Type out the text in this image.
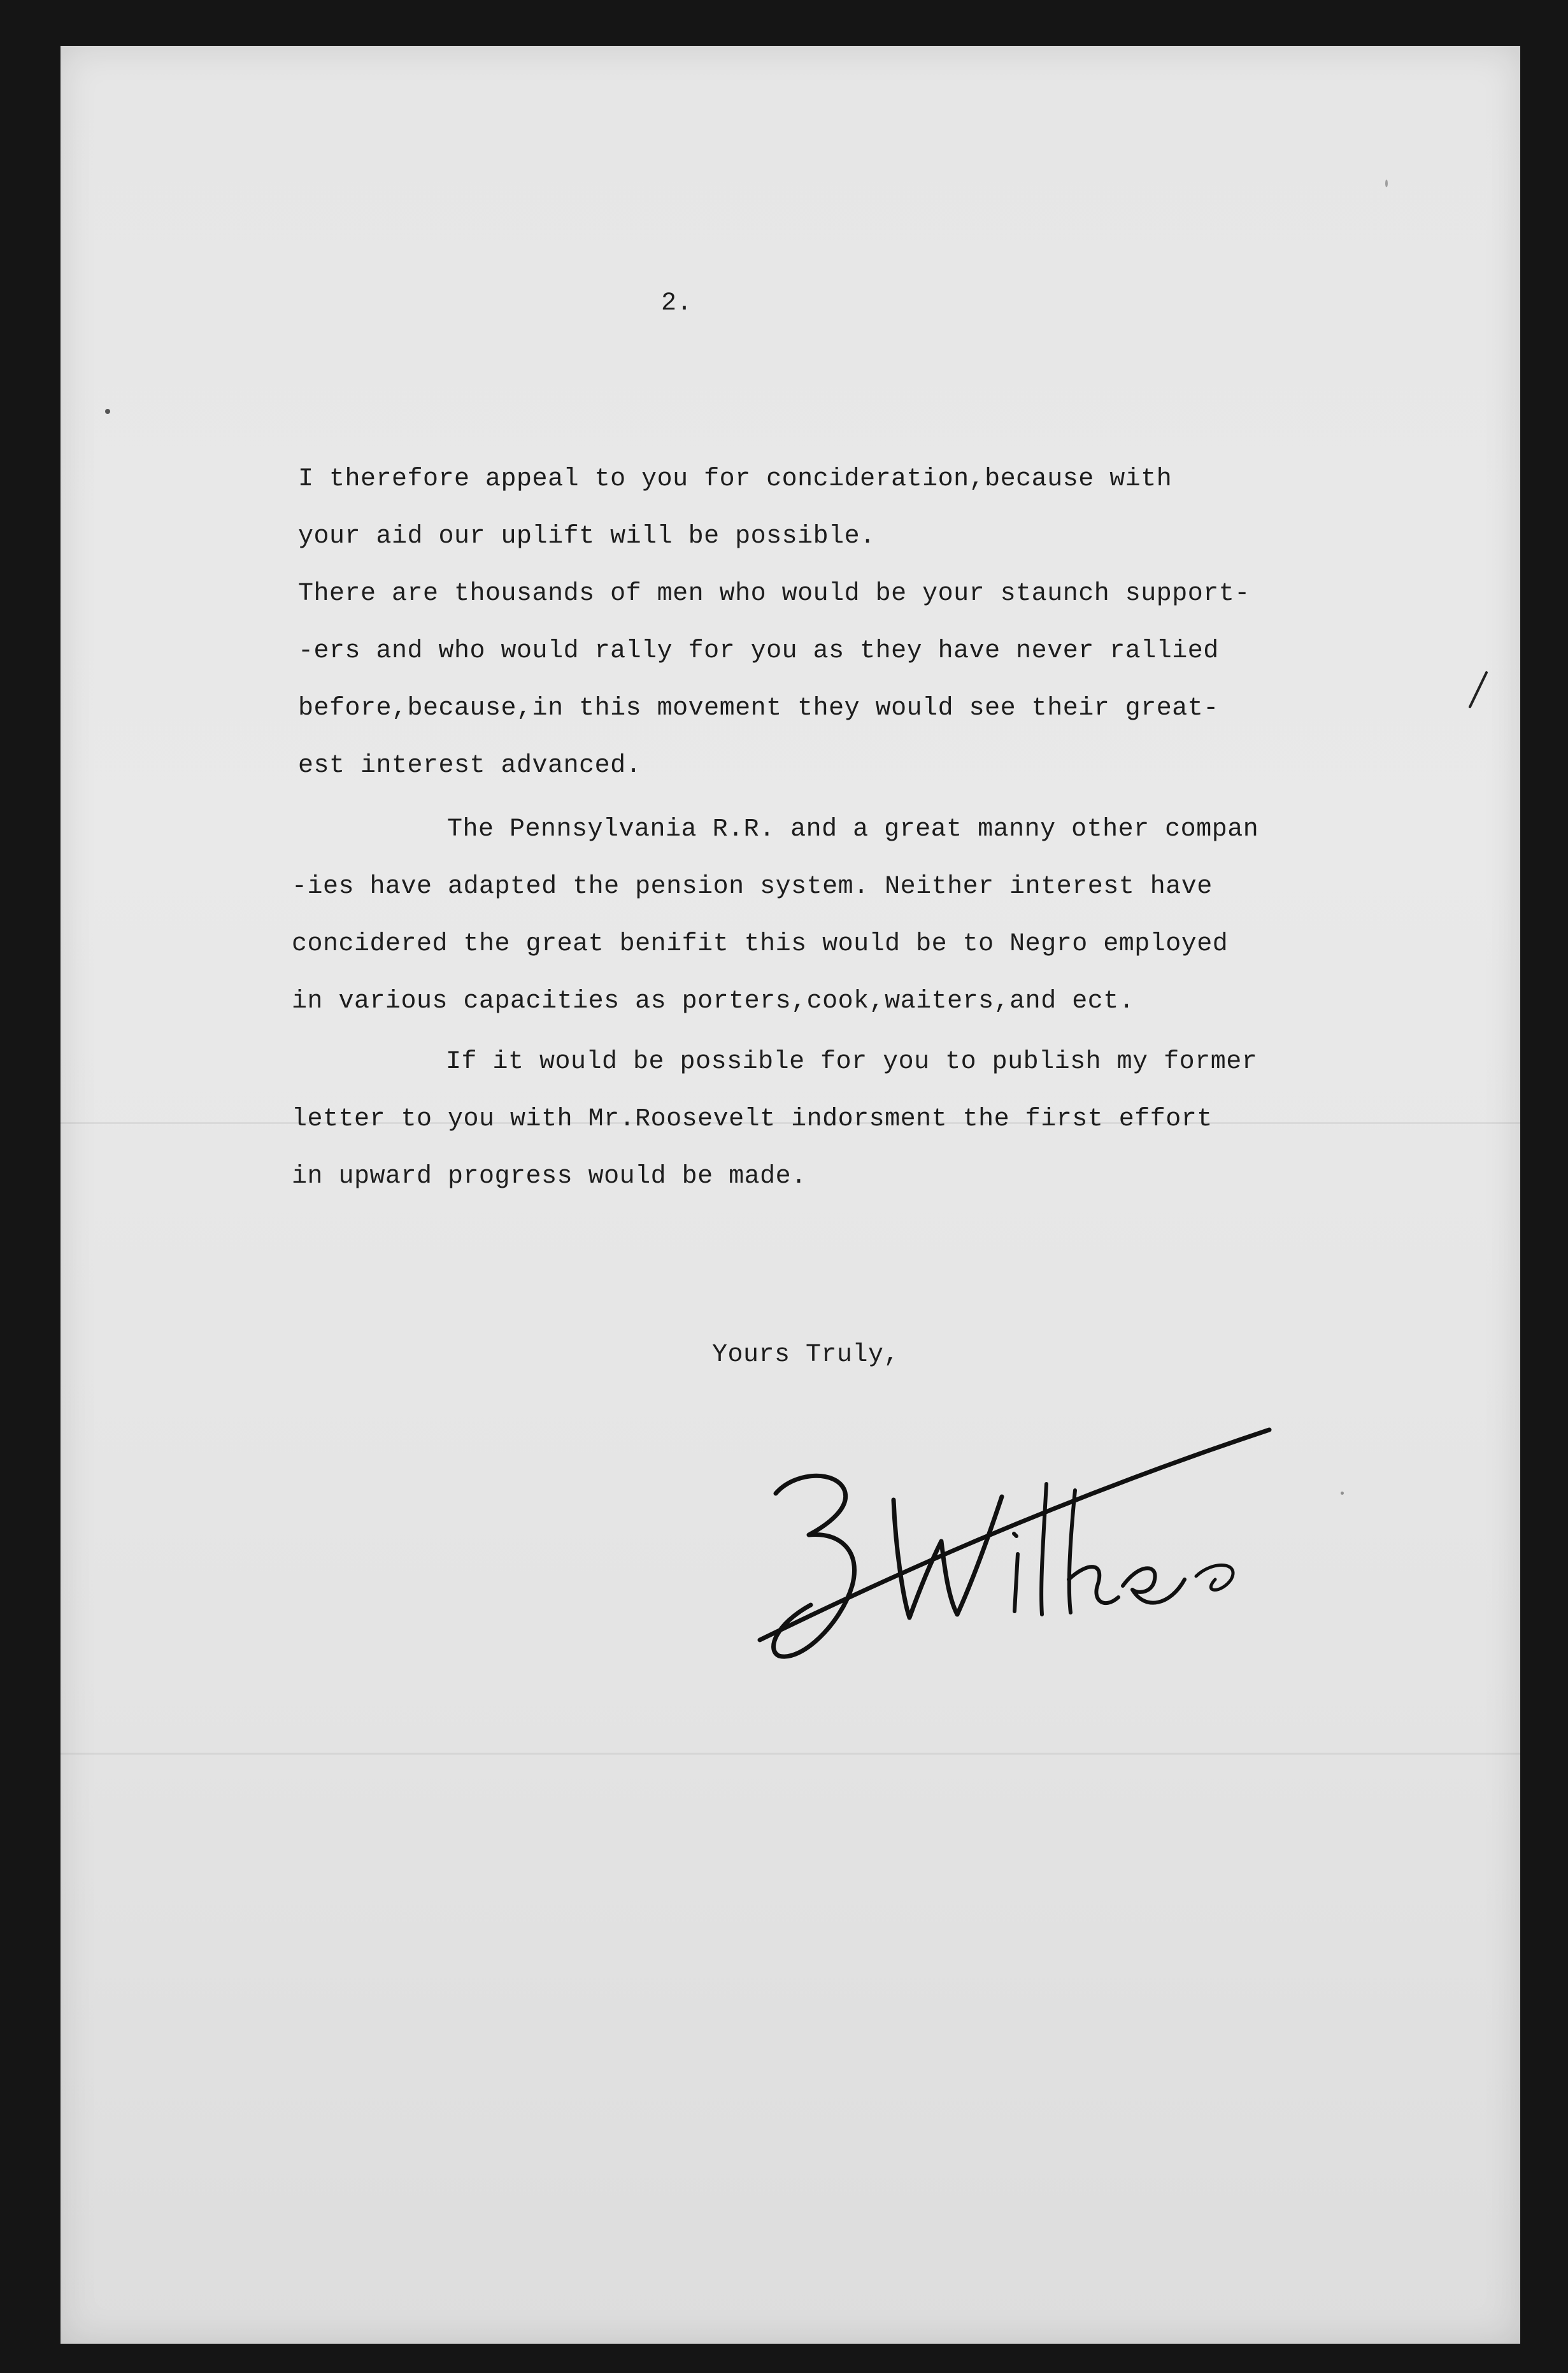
2.
I therefore appeal to you for concideration,because with
your aid our uplift will be possible.
There are thousands of men who would be your staunch support-
-ers and who would rally for you as they have never rallied
before,because,in this movement they would see their great-
est interest advanced.
The Pennsylvania R.R. and a great manny other compan
-ies have adapted the pension system. Neither interest have
concidered the great benifit this would be to Negro employed
in various capacities as porters,cook,waiters,and ect.
If it would be possible for you to publish my former
letter to you with Mr.Roosevelt indorsment the first effort
in upward progress would be made.
Yours Truly,
B Wilkins
